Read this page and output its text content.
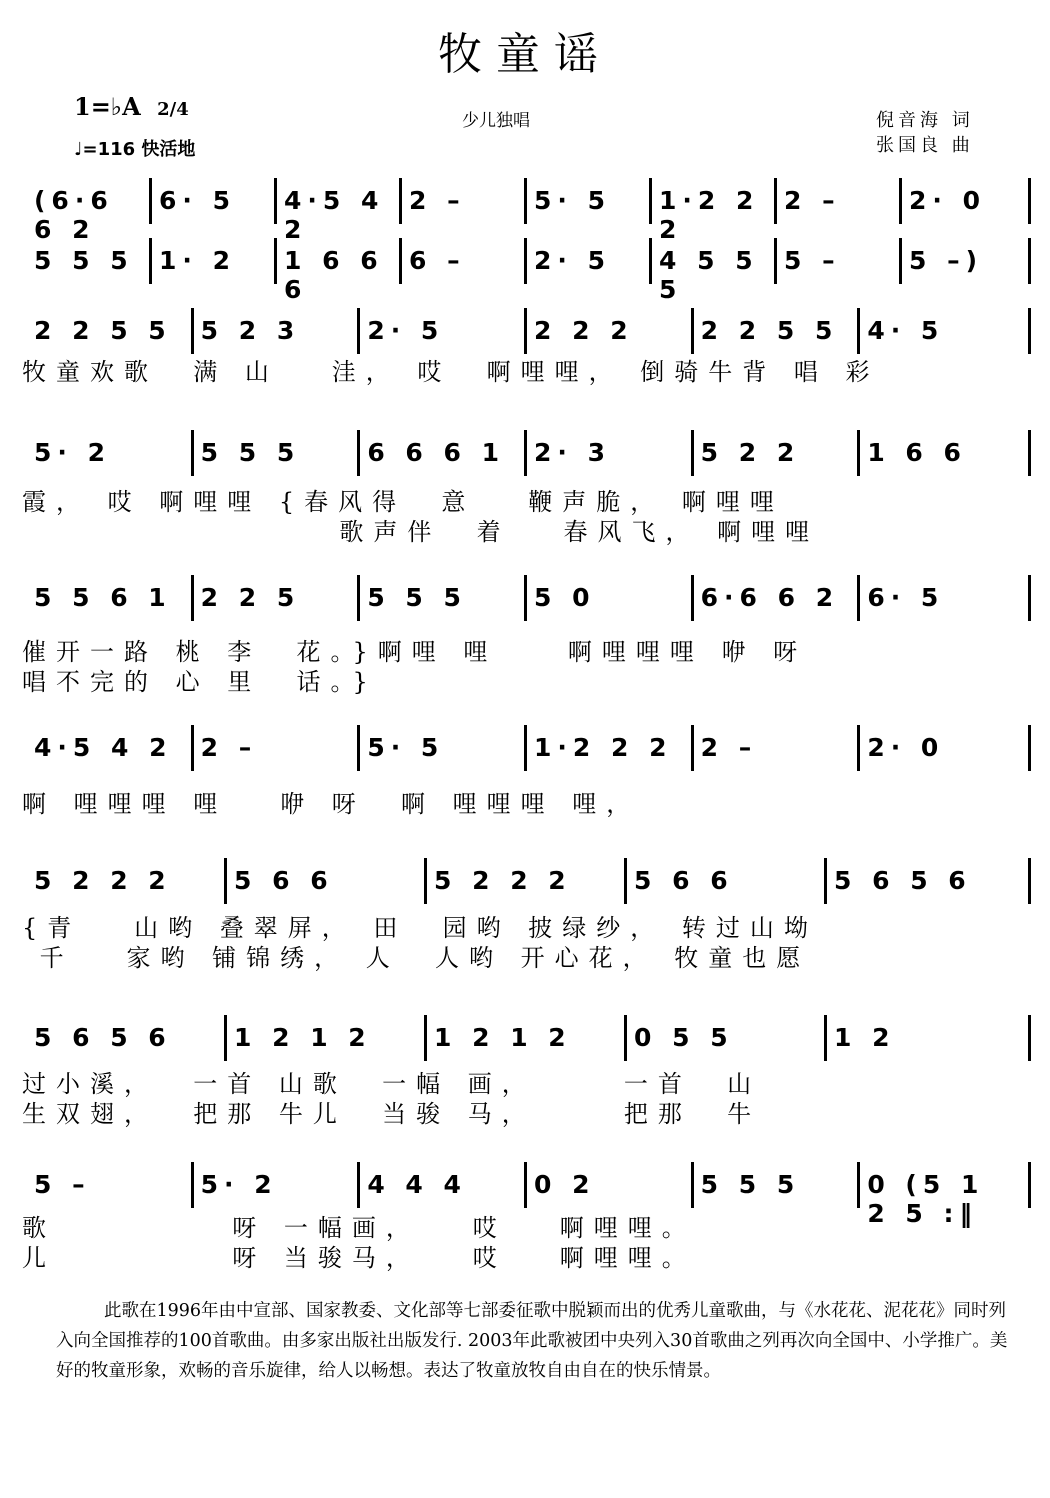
牧童谣
1=♭A 2/4
♩=116 快活地
少儿独唱	倪音海 词
张国良 曲
(6·6 6 2
6· 5	4·5 4 2
2 –	5· 5	1·2 2 2
2 –	2· 0
5 5 5	1· 2	1 6 6 6
6 –	2· 5	4 5 5 5
5 –	5 –)
2 2 5 5	5 2 3	2· 5	2 2 2	2 2 5 5	4· 5
5· 2	5 5 5	6 6 6 1	2· 3	5 2 2	1 6 6
5 5 6 1	2 2 5	5 5 5	5 0	6·6 6 2	6· 5
4·5 4 2	2 –	5· 5	1·2 2 2	2 –	2· 0
5 2 2 2	5 6 6	5 2 2 2	5 6 6	5 6 5 6
5 6 5 6	1 2 1 2	1 2 1 2	0 5 5	1 2
5 –	5· 2	4 4 4	0 2	5 5 5	0 (5 1 2 5 :‖
牧童欢歌  满 山   洼， 哎  啊哩哩， 倒骑牛背 唱 彩
霞， 哎 啊哩哩 {春风得  意   鞭声脆， 啊哩哩
歌声伴  着   春风飞， 啊哩哩
催开一路 桃 李  花。}啊哩 哩    啊哩哩哩 咿 呀
唱不完的 心 里  话。}
啊 哩哩哩 哩   咿 呀  啊 哩哩哩 哩，
{青   山哟 叠翠屏， 田  园哟 披绿纱， 转过山坳
千   家哟 铺锦绣， 人  人哟 开心花， 牧童也愿
过小溪，  一首 山歌  一幅 画，     一首  山
生双翅，  把那 牛儿  当骏 马，     把那  牛
歌          呀 一幅画，   哎   啊哩哩。
儿          呀 当骏马，   哎   啊哩哩。
此歌在1996年由中宣部、国家教委、文化部等七部委征歌中脱颖而出的优秀儿童歌曲，与《水花花、泥花花》同时列入向全国推荐的100首歌曲。由多家出版社出版发行. 2003年此歌被团中央列入30首歌曲之列再次向全国中、小学推广。美好的牧童形象，欢畅的音乐旋律，给人以畅想。表达了牧童放牧自由自在的快乐情景。
